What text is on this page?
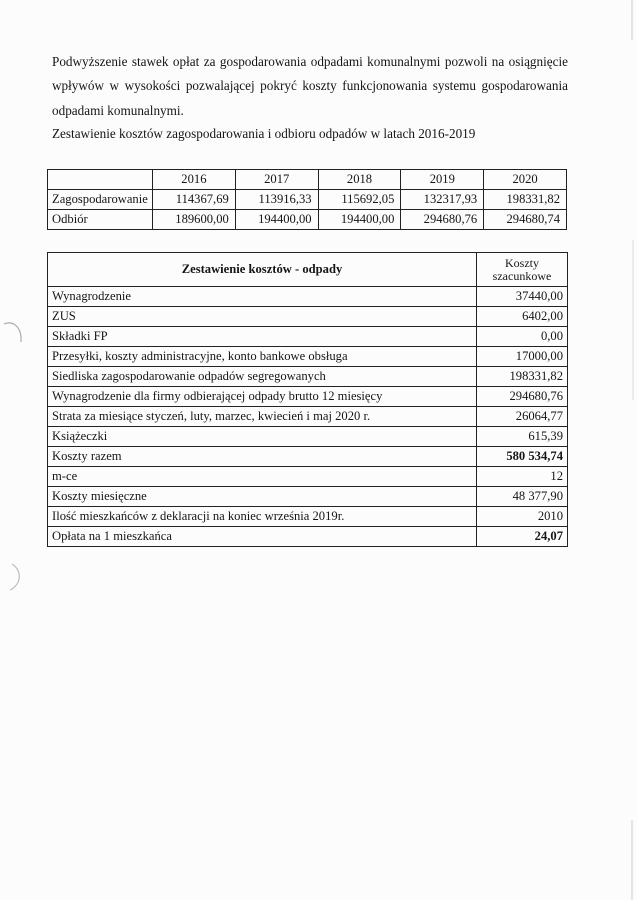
Podwyższenie stawek opłat za gospodarowania odpadami komunalnymi pozwoli na osiągnięcie

wpływów w wysokości pozwalającej pokryć koszty funkcjonowania systemu gospodarowania

odpadami komunalnymi.

Zestawienie kosztów zagospodarowania i odbioru odpadów w latach 2016-2019

	2016	2017	2018	2019	2020
Zagospodarowanie	114367,69	113916,33	115692,05	132317,93	198331,82
Odbiór	189600,00	194400,00	194400,00	294680,76	294680,74
Zestawienie kosztów - odpady	Koszty
szacunkowe
Wynagrodzenie	37440,00
ZUS	6402,00
Składki FP	0,00
Przesyłki, koszty administracyjne, konto bankowe obsługa	17000,00
Siedliska zagospodarowanie odpadów segregowanych	198331,82
Wynagrodzenie dla firmy odbierającej odpady brutto 12 miesięcy	294680,76
Strata za miesiące styczeń, luty, marzec, kwiecień i maj 2020 r.	26064,77
Książeczki	615,39
Koszty razem	580 534,74
m-ce	12
Koszty miesięczne	48 377,90
Ilość mieszkańców z deklaracji na koniec września 2019r.	2010
Opłata na 1 mieszkańca	24,07
